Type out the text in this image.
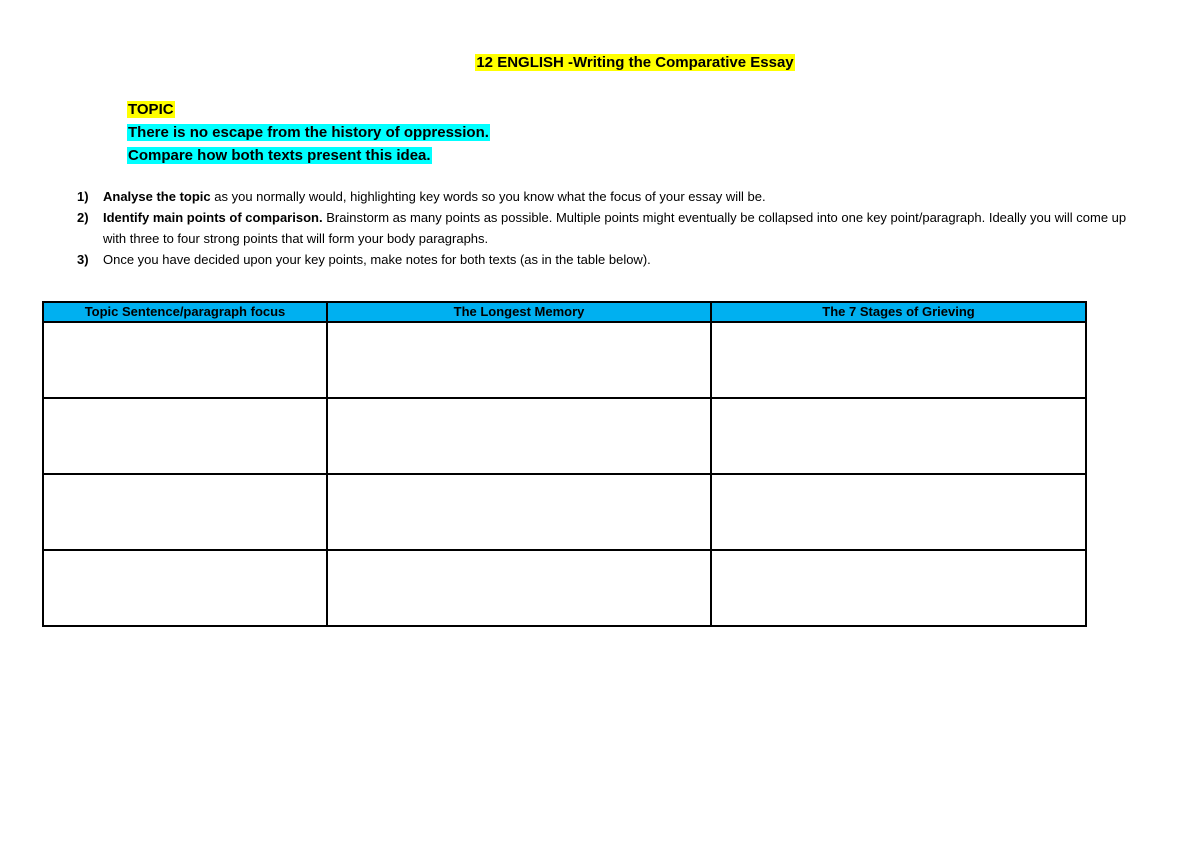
12 ENGLISH -Writing the Comparative Essay
TOPIC
There is no escape from the history of oppression.
Compare how both texts present this idea.
1) Analyse the topic as you normally would, highlighting key words so you know what the focus of your essay will be.
2) Identify main points of comparison. Brainstorm as many points as possible. Multiple points might eventually be collapsed into one key point/paragraph. Ideally you will come up with three to four strong points that will form your body paragraphs.
3) Once you have decided upon your key points, make notes for both texts (as in the table below).
Topic Sentence/paragraph focus	The Longest Memory	The 7 Stages of Grieving
